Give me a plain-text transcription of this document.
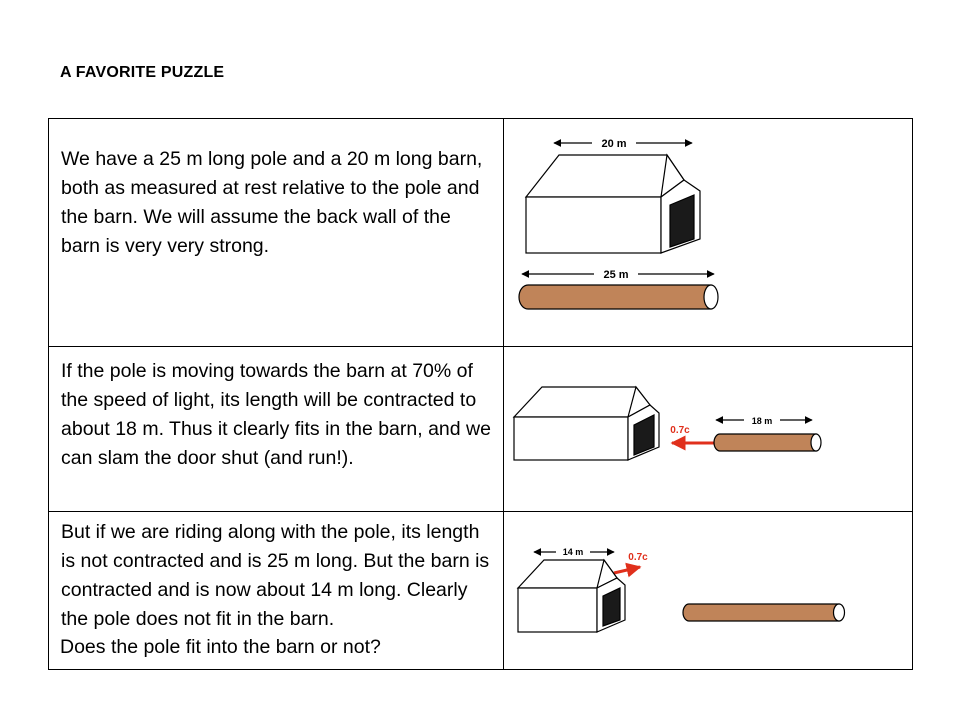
A FAVORITE PUZZLE
We have a 25 m long pole and a 20 m long barn, both as measured at rest relative to the pole and the barn. We will assume the back wall of the barn is very very strong.	20 m
25 m

If the pole is moving towards the barn at 70% of the speed of light, its length will be contracted to about 18 m. Thus it clearly fits in the barn, and we can slam the door shut (and run!).	0.7c
18 m

But if we are riding along with the pole, its length is not contracted and is 25 m long. But the barn is contracted and is now about 14 m long. Clearly the pole does not fit in the barn.	14 m 0.7c
Does the pole fit into the barn or not?
